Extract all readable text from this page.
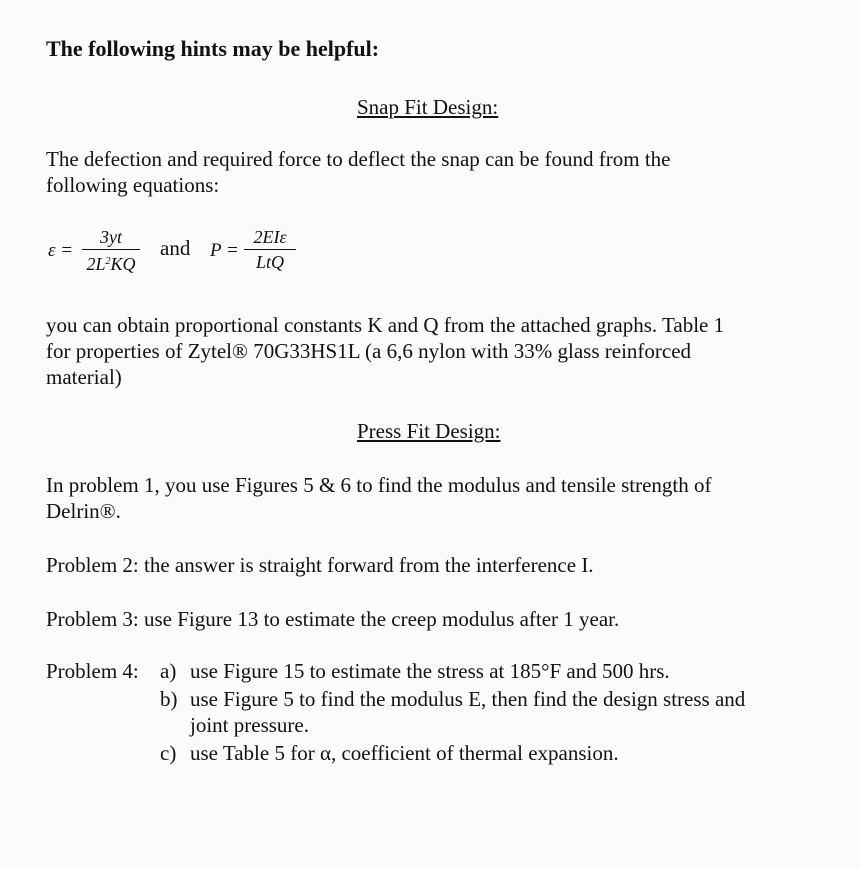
The following hints may be helpful:
Snap Fit Design:
The defection and required force to deflect the snap can be found from the
following equations:
ε =
3yt
$2L^2KQ$
and P =
2EIε
LtQ
you can obtain proportional constants K and Q from the attached graphs. Table 1
for properties of Zytel® 70G33HS1L (a 6,6 nylon with 33% glass reinforced
material)
Press Fit Design:
In problem 1, you use Figures 5 & 6 to find the modulus and tensile strength of
Delrin®.
Problem 2: the answer is straight forward from the interference I.
Problem 3: use Figure 13 to estimate the creep modulus after 1 year.
Problem 4: a) use Figure 15 to estimate the stress at 185°F and 500 hrs.
b) use Figure 5 to find the modulus E, then find the design stress and
joint pressure.
c) use Table 5 for α, coefficient of thermal expansion.
